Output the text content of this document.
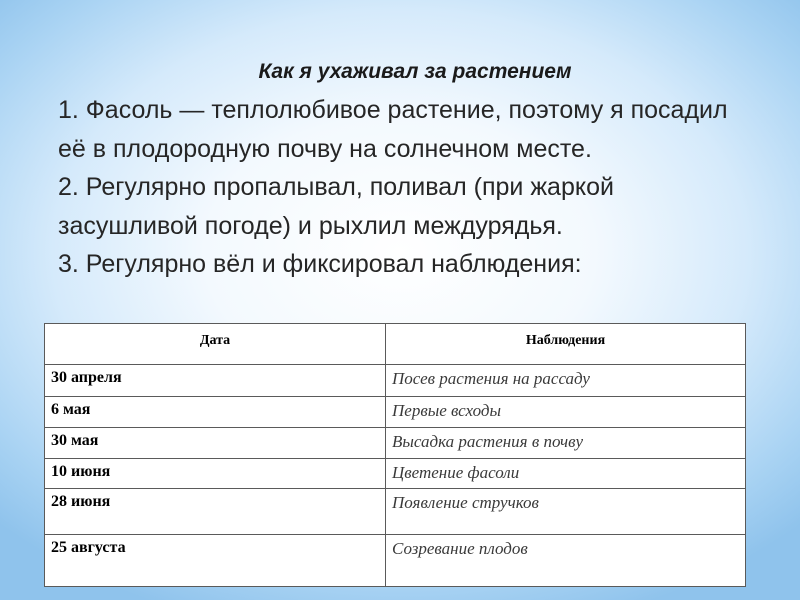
Как я ухаживал за растением

1. Фасоль — теплолюбивое растение, поэтому я посадил её в плодородную почву на солнечном месте.

2. Регулярно пропалывал, поливал (при жаркой засушливой погоде) и рыхлил междурядья.

3. Регулярно вёл и фиксировал наблюдения:

Дата	Наблюдения
30 апреля	Посев растения на рассаду
6 мая	Первые всходы
30 мая	Высадка растения в почву
10 июня	Цветение фасоли
28 июня	Появление стручков
25 августа	Созревание плодов
